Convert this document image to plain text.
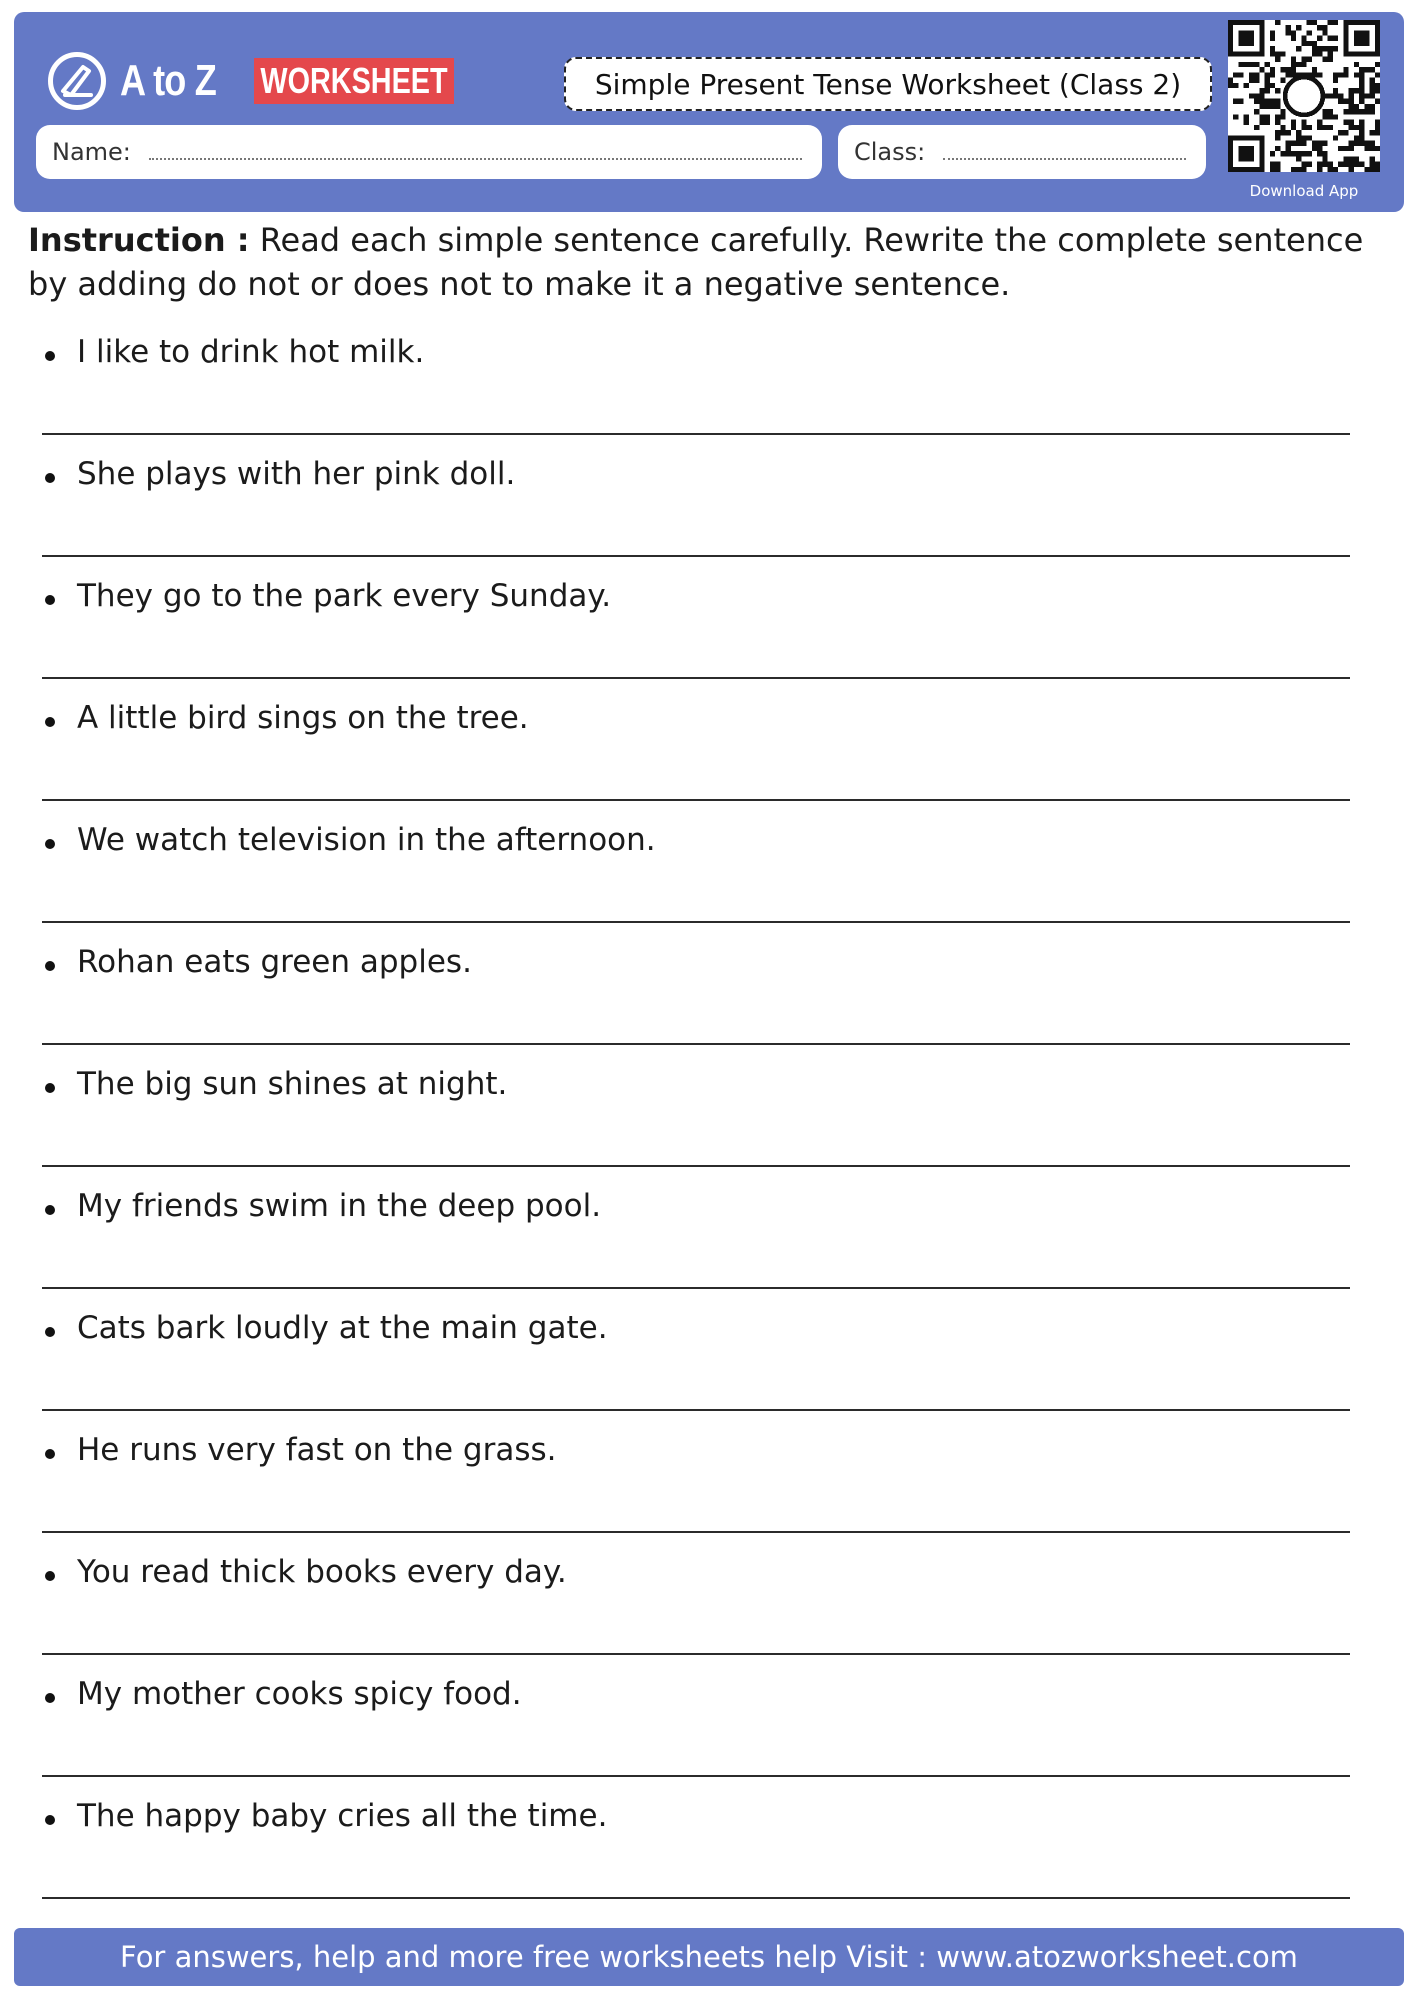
A to Z WORKSHEET	Simple Present Tense Worksheet (Class 2)
Name:	Class:
Download App
Instruction : Read each simple sentence carefully. Rewrite the complete sentence by adding do not or does not to make it a negative sentence.
I like to drink hot milk.
She plays with her pink doll.
They go to the park every Sunday.
A little bird sings on the tree.
We watch television in the afternoon.
Rohan eats green apples.
The big sun shines at night.
My friends swim in the deep pool.
Cats bark loudly at the main gate.
He runs very fast on the grass.
You read thick books every day.
My mother cooks spicy food.
The happy baby cries all the time.
For answers, help and more free worksheets help Visit : www.atozworksheet.com
